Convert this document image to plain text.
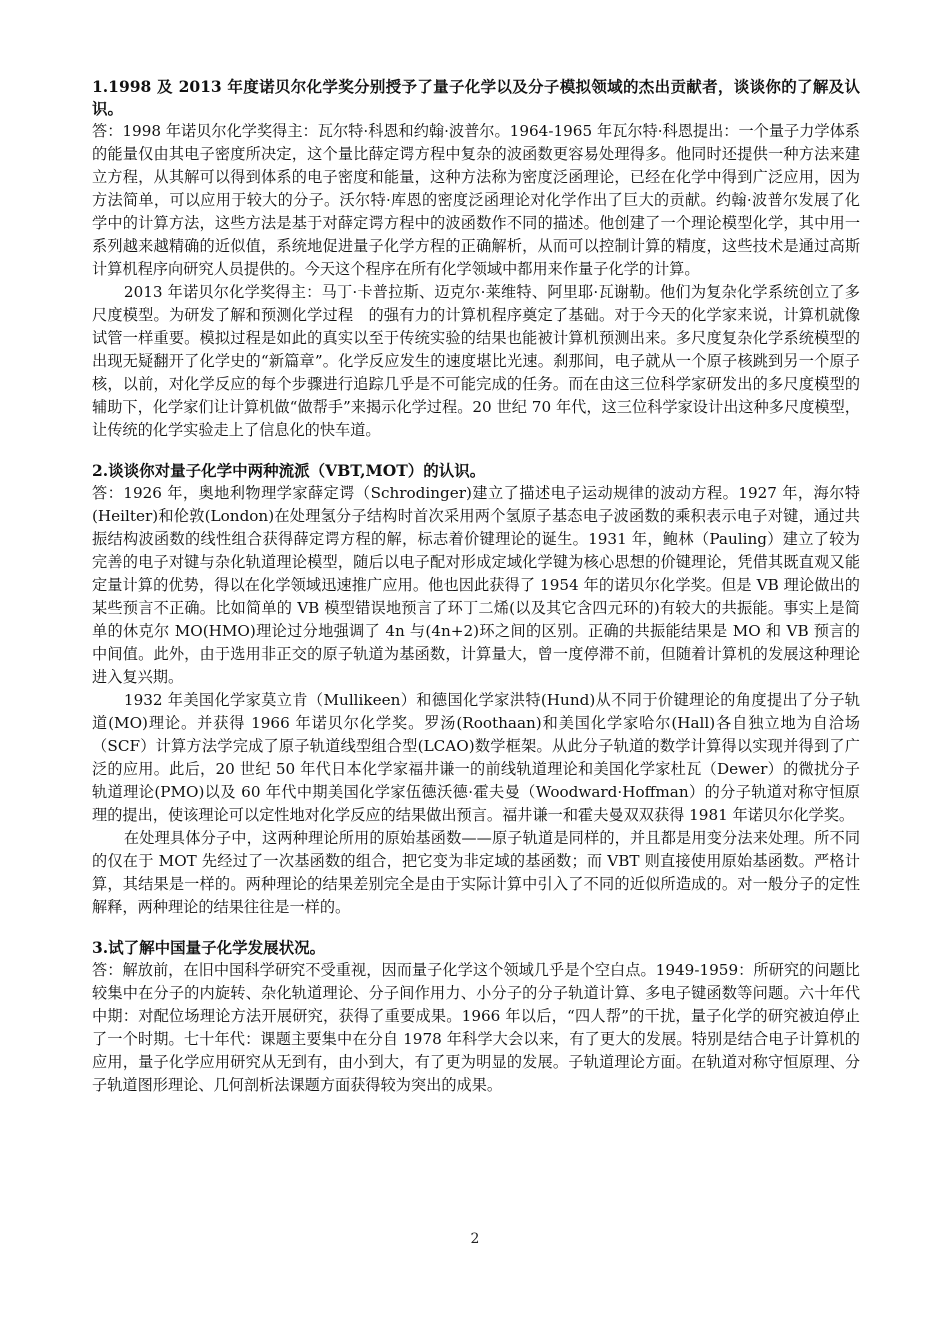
1.1998 及 2013 年度诺贝尔化学奖分别授予了量子化学以及分子模拟领域的杰出贡献者，谈谈你的了解及认识。

答：1998 年诺贝尔化学奖得主：瓦尔特·科恩和约翰·波普尔。1964-1965 年瓦尔特·科恩提出：一个量子力学体系的能量仅由其电子密度所决定，这个量比薛定谔方程中复杂的波函数更容易处理得多。他同时还提供一种方法来建立方程，从其解可以得到体系的电子密度和能量，这种方法称为密度泛函理论，已经在化学中得到广泛应用，因为方法简单，可以应用于较大的分子。沃尔特·库恩的密度泛函理论对化学作出了巨大的贡献。约翰·波普尔发展了化学中的计算方法，这些方法是基于对薛定谔方程中的波函数作不同的描述。他创建了一个理论模型化学，其中用一系列越来越精确的近似值，系统地促进量子化学方程的正确解析，从而可以控制计算的精度，这些技术是通过高斯计算机程序向研究人员提供的。今天这个程序在所有化学领域中都用来作量子化学的计算。

2013 年诺贝尔化学奖得主：马丁·卡普拉斯、迈克尔·莱维特、阿里耶·瓦谢勒。他们为复杂化学系统创立了多尺度模型。为研发了解和预测化学过程　的强有力的计算机程序奠定了基础。对于今天的化学家来说，计算机就像试管一样重要。模拟过程是如此的真实以至于传统实验的结果也能被计算机预测出来。多尺度复杂化学系统模型的出现无疑翻开了化学史的“新篇章”。化学反应发生的速度堪比光速。刹那间，电子就从一个原子核跳到另一个原子核，以前，对化学反应的每个步骤进行追踪几乎是不可能完成的任务。而在由这三位科学家研发出的多尺度模型的辅助下，化学家们让计算机做“做帮手”来揭示化学过程。20 世纪 70 年代，这三位科学家设计出这种多尺度模型，让传统的化学实验走上了信息化的快车道。

2.谈谈你对量子化学中两种流派（VBT,MOT）的认识。

答：1926 年，奥地利物理学家薛定谔（Schrodinger)建立了描述电子运动规律的波动方程。1927 年，海尔特(Heilter)和伦敦(London)在处理氢分子结构时首次采用两个氢原子基态电子波函数的乘积表示电子对键，通过共振结构波函数的线性组合获得薛定谔方程的解，标志着价键理论的诞生。1931 年，鲍林（Pauling）建立了较为完善的电子对键与杂化轨道理论模型，随后以电子配对形成定域化学键为核心思想的价键理论，凭借其既直观又能定量计算的优势，得以在化学领域迅速推广应用。他也因此获得了 1954 年的诺贝尔化学奖。但是 VB 理论做出的某些预言不正确。比如简单的 VB 模型错误地预言了环丁二烯(以及其它含四元环的)有较大的共振能。事实上是简单的休克尔 MO(HMO)理论过分地强调了 4n 与(4n+2)环之间的区别。正确的共振能结果是 MO 和 VB 预言的中间值。此外，由于选用非正交的原子轨道为基函数，计算量大，曾一度停滞不前，但随着计算机的发展这种理论进入复兴期。

1932 年美国化学家莫立肯（Mullikeen）和德国化学家洪特(Hund)从不同于价键理论的角度提出了分子轨道(MO)理论。并获得 1966 年诺贝尔化学奖。罗汤(Roothaan)和美国化学家哈尔(Hall)各自独立地为自洽场（SCF）计算方法学完成了原子轨道线型组合型(LCAO)数学框架。从此分子轨道的数学计算得以实现并得到了广泛的应用。此后，20 世纪 50 年代日本化学家福井谦一的前线轨道理论和美国化学家杜瓦（Dewer）的微扰分子轨道理论(PMO)以及 60 年代中期美国化学家伍德沃德·霍夫曼（Woodward·Hoffman）的分子轨道对称守恒原理的提出，使该理论可以定性地对化学反应的结果做出预言。福井谦一和霍夫曼双双获得 1981 年诺贝尔化学奖。

在处理具体分子中，这两种理论所用的原始基函数——原子轨道是同样的，并且都是用变分法来处理。所不同的仅在于 MOT 先经过了一次基函数的组合，把它变为非定域的基函数；而 VBT 则直接使用原始基函数。严格计算，其结果是一样的。两种理论的结果差别完全是由于实际计算中引入了不同的近似所造成的。对一般分子的定性解释，两种理论的结果往往是一样的。

3.试了解中国量子化学发展状况。

答：解放前，在旧中国科学研究不受重视，因而量子化学这个领域几乎是个空白点。1949-1959：所研究的问题比较集中在分子的内旋转、杂化轨道理论、分子间作用力、小分子的分子轨道计算、多电子键函数等问题。六十年代中期：对配位场理论方法开展研究，获得了重要成果。1966 年以后，“四人帮”的干扰，量子化学的研究被迫停止了一个时期。七十年代：课题主要集中在分自 1978 年科学大会以来，有了更大的发展。特别是结合电子计算机的应用，量子化学应用研究从无到有，由小到大，有了更为明显的发展。子轨道理论方面。在轨道对称守恒原理、分子轨道图形理论、几何剖析法课题方面获得较为突出的成果。

2
